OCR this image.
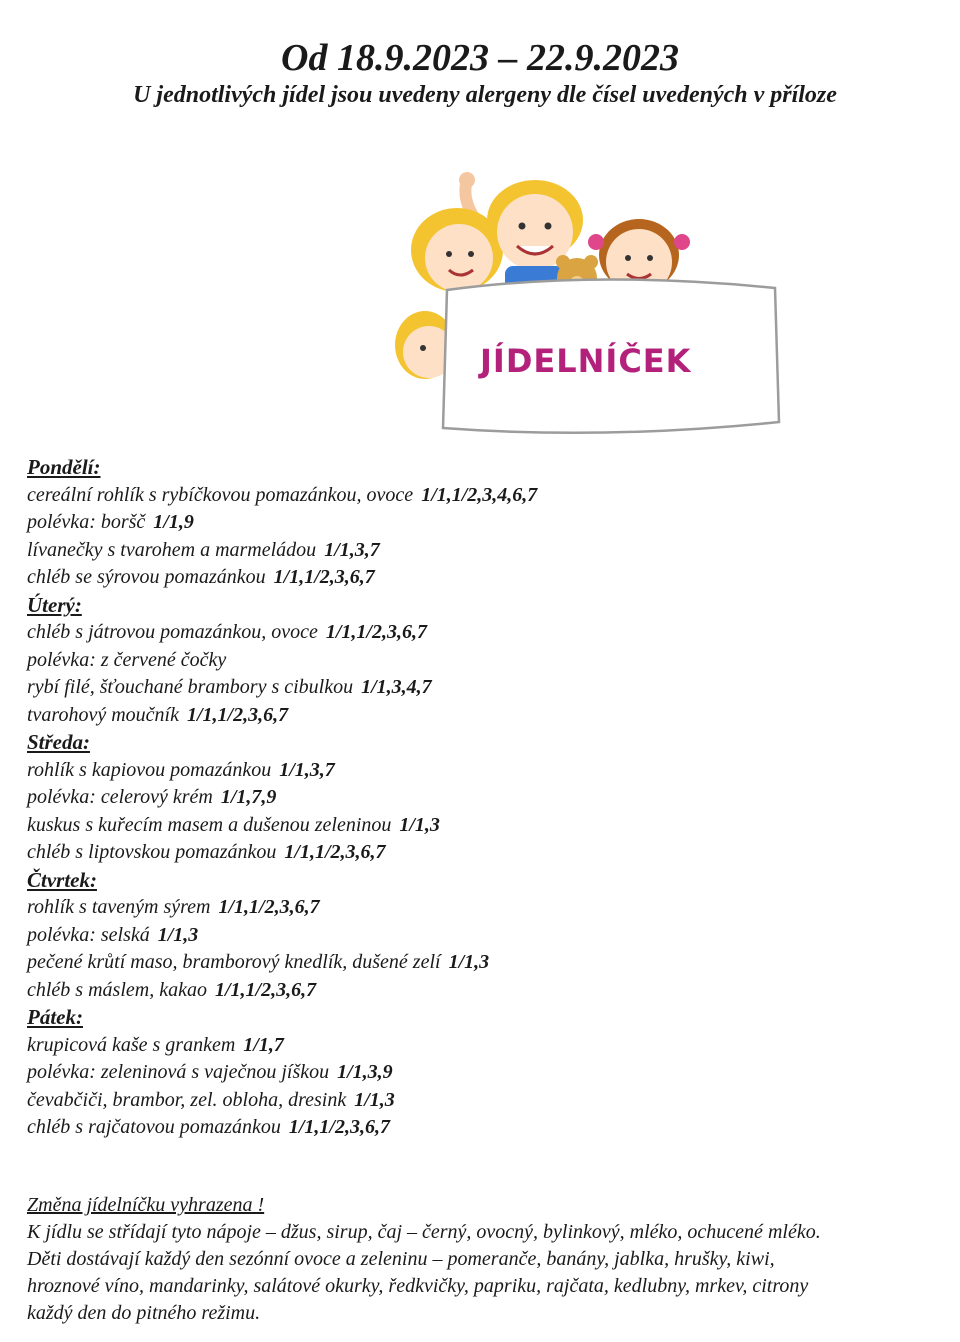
Od 18.9.2023 – 22.9.2023
U jednotlivých jídel jsou uvedeny alergeny dle čísel uvedených v příloze
JÍDELNÍČEK
Pondělí:
cereální rohlík s rybíčkovou pomazánkou, ovoce 1/1,1/2,3,4,6,7
polévka: boršč 1/1,9
lívanečky s tvarohem a marmeládou 1/1,3,7
chléb se sýrovou pomazánkou 1/1,1/2,3,6,7
Úterý:
chléb s játrovou pomazánkou, ovoce 1/1,1/2,3,6,7
polévka: z červené čočky
rybí filé, šťouchané brambory s cibulkou 1/1,3,4,7
tvarohový moučník 1/1,1/2,3,6,7
Středa:
rohlík s kapiovou pomazánkou 1/1,3,7
polévka: celerový krém 1/1,7,9
kuskus s kuřecím masem a dušenou zeleninou 1/1,3
chléb s liptovskou pomazánkou 1/1,1/2,3,6,7
Čtvrtek:
rohlík s taveným sýrem 1/1,1/2,3,6,7
polévka: selská 1/1,3
pečené krůtí maso, bramborový knedlík, dušené zelí 1/1,3
chléb s máslem, kakao 1/1,1/2,3,6,7
Pátek:
krupicová kaše s grankem 1/1,7
polévka: zeleninová s vaječnou jíškou 1/1,3,9
čevabčiči, brambor, zel. obloha, dresink 1/1,3
chléb s rajčatovou pomazánkou 1/1,1/2,3,6,7
Změna jídelníčku vyhrazena !
K jídlu se střídají tyto nápoje – džus, sirup, čaj – černý, ovocný, bylinkový, mléko, ochucené mléko.
Děti dostávají každý den sezónní ovoce a zeleninu – pomeranče, banány, jablka, hrušky, kiwi,
hroznové víno, mandarinky, salátové okurky, ředkvičky, papriku, rajčata, kedlubny, mrkev, citrony
každý den do pitného režimu.
